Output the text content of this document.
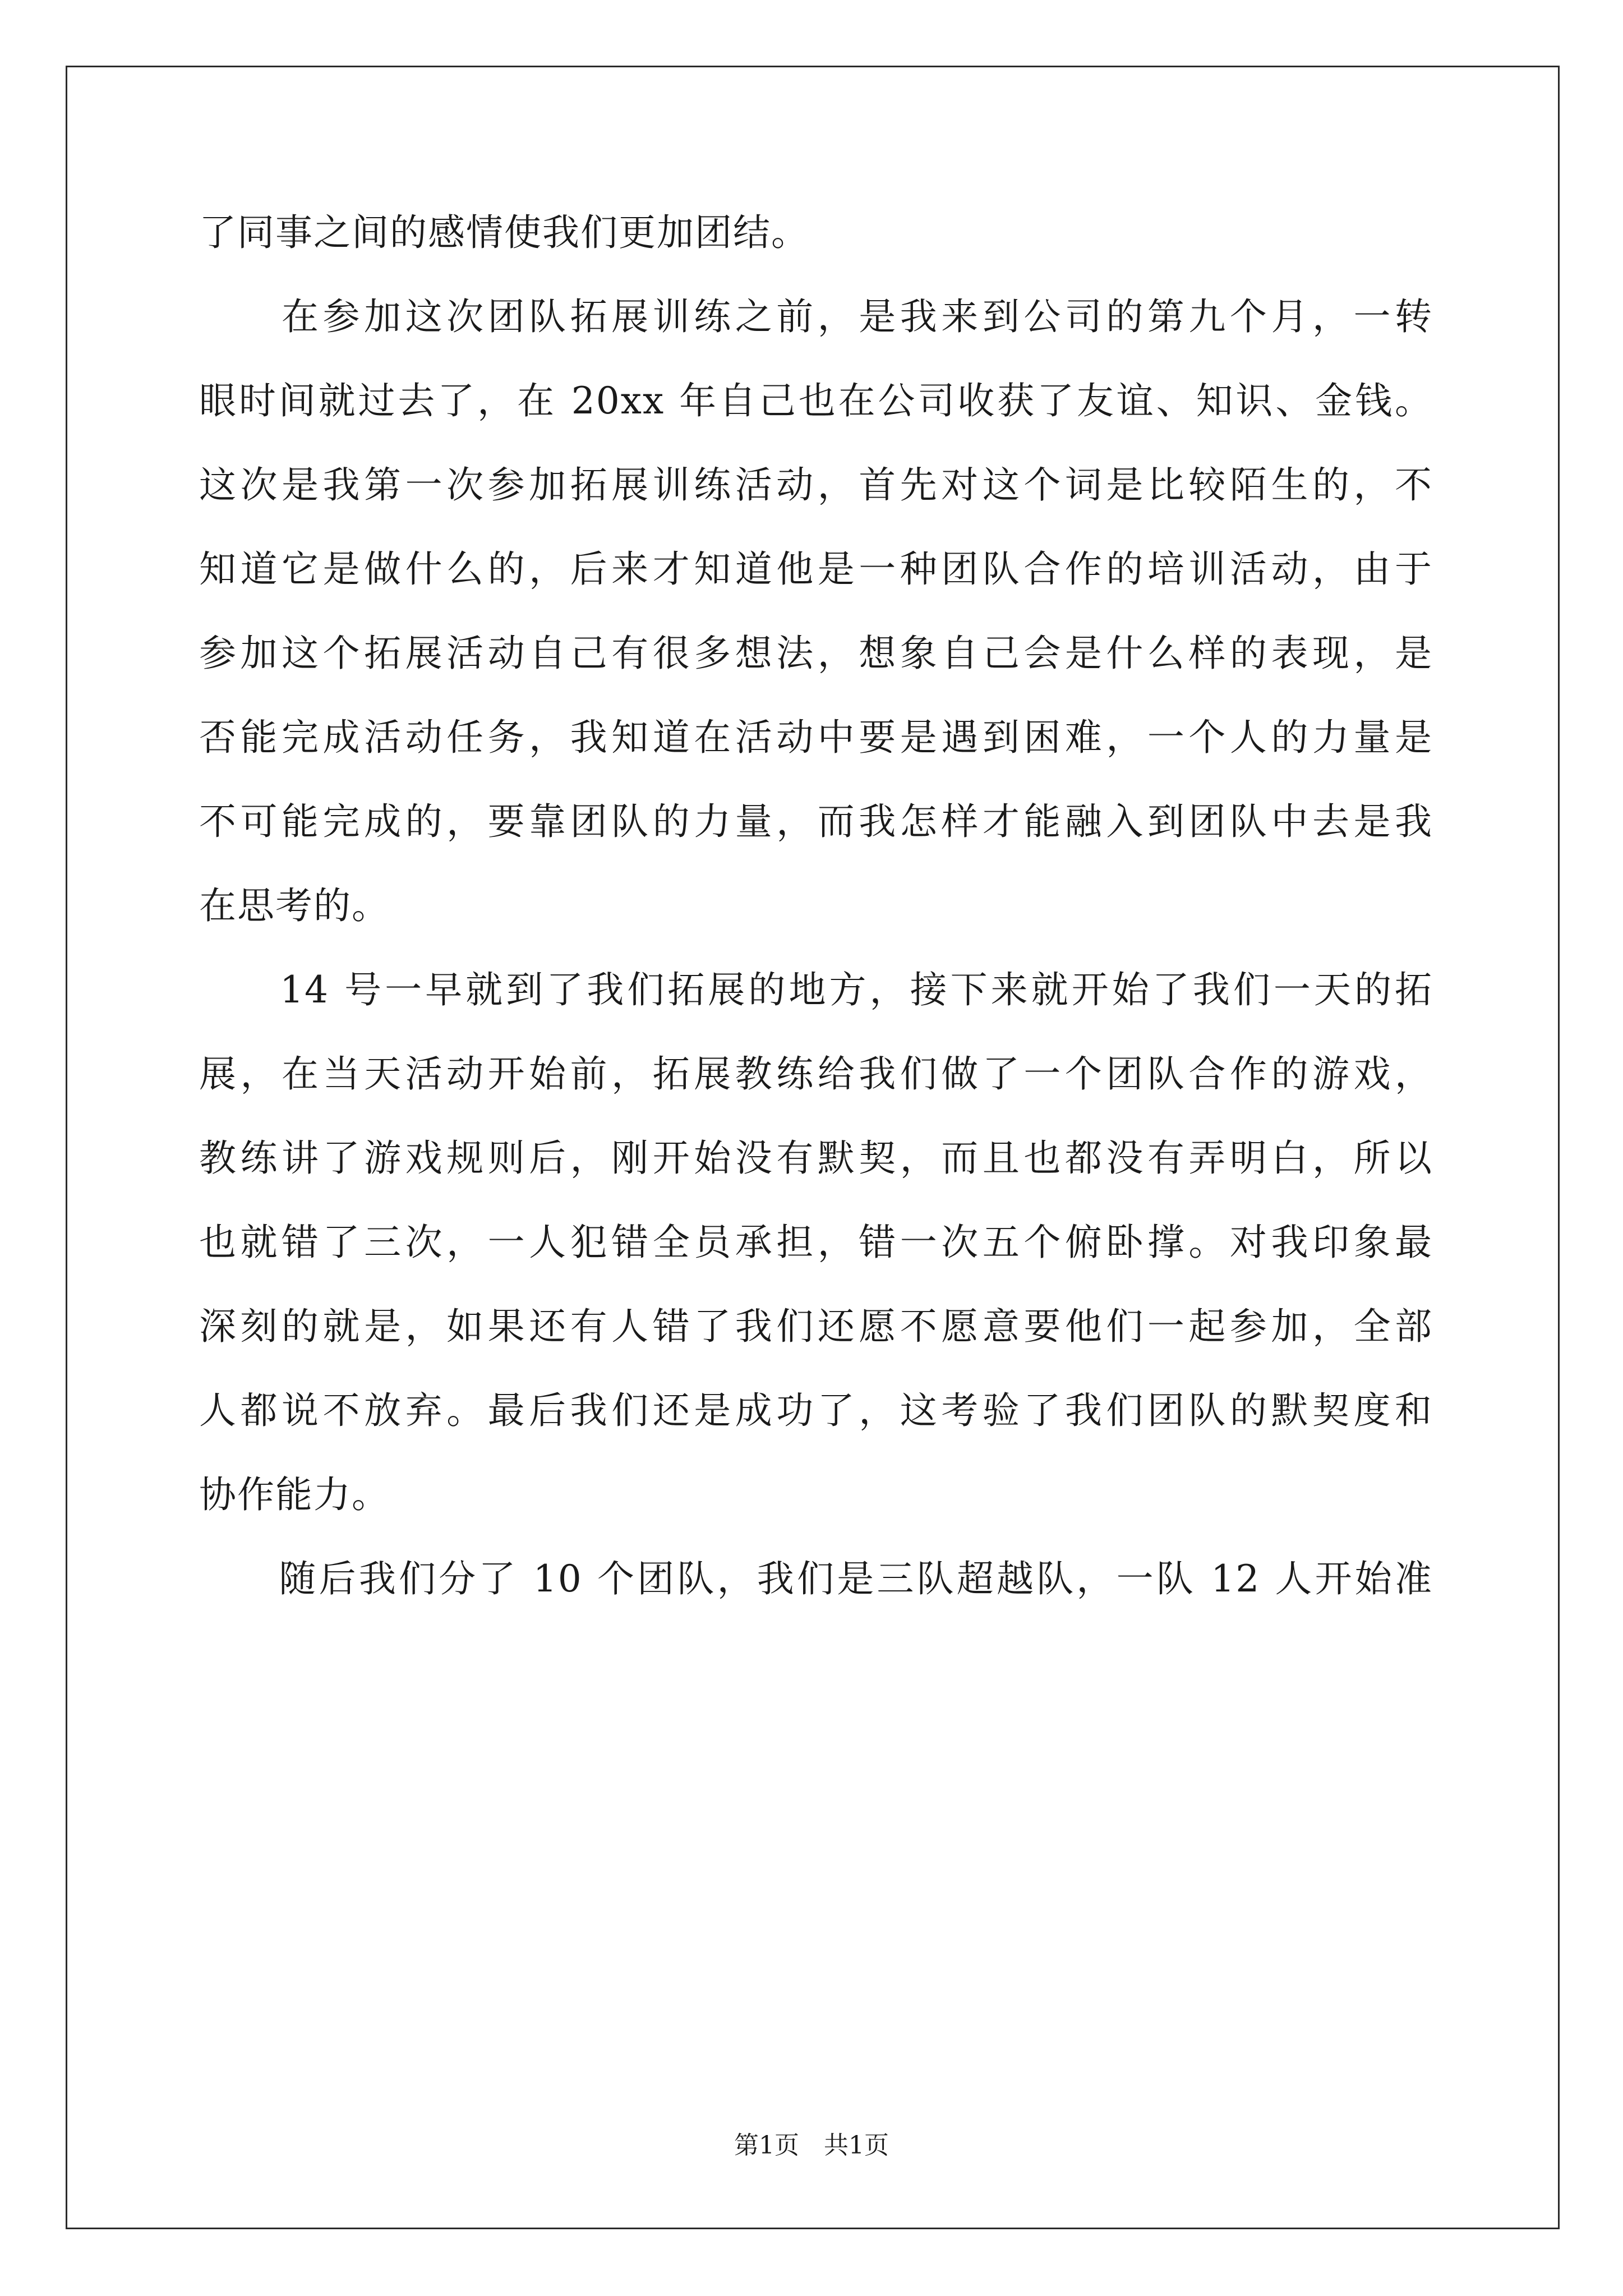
了同事之间的感情使我们更加团结。
　　在参加这次团队拓展训练之前，是我来到公司的第九个月，一转
眼时间就过去了，在 20xx 年自己也在公司收获了友谊、知识、金钱。
这次是我第一次参加拓展训练活动，首先对这个词是比较陌生的，不
知道它是做什么的，后来才知道他是一种团队合作的培训活动，由于
参加这个拓展活动自己有很多想法，想象自己会是什么样的表现，是
否能完成活动任务，我知道在活动中要是遇到困难，一个人的力量是
不可能完成的，要靠团队的力量，而我怎样才能融入到团队中去是我
在思考的。
　　14 号一早就到了我们拓展的地方，接下来就开始了我们一天的拓
展，在当天活动开始前，拓展教练给我们做了一个团队合作的游戏，
教练讲了游戏规则后，刚开始没有默契，而且也都没有弄明白，所以
也就错了三次，一人犯错全员承担，错一次五个俯卧撑。对我印象最
深刻的就是，如果还有人错了我们还愿不愿意要他们一起参加，全部
人都说不放弃。最后我们还是成功了，这考验了我们团队的默契度和
协作能力。
　　随后我们分了 10 个团队，我们是三队超越队，一队 12 人开始准
第1页　共1页
